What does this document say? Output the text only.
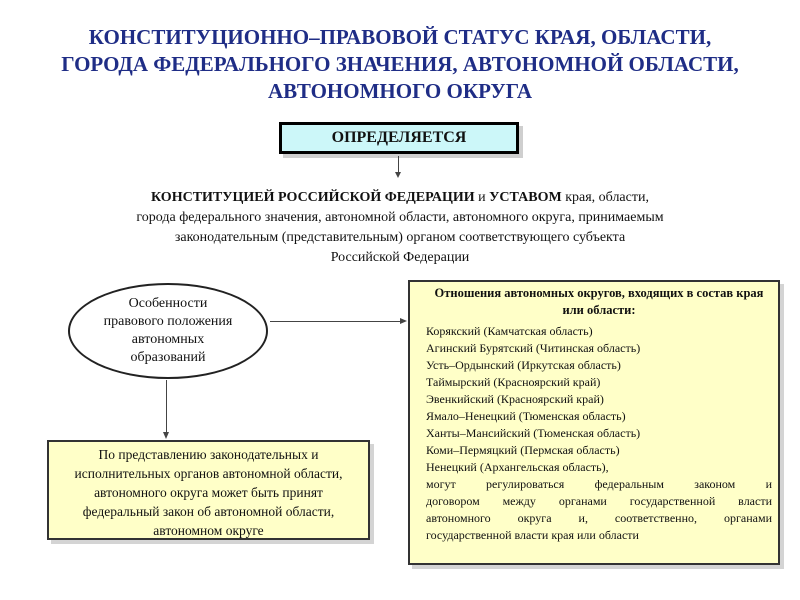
КОНСТИТУЦИОННО–ПРАВОВОЙ СТАТУС КРАЯ, ОБЛАСТИ,
ГОРОДА ФЕДЕРАЛЬНОГО ЗНАЧЕНИЯ, АВТОНОМНОЙ ОБЛАСТИ,
АВТОНОМНОГО ОКРУГА
ОПРЕДЕЛЯЕТСЯ
КОНСТИТУЦИЕЙ РОССИЙСКОЙ ФЕДЕРАЦИИ и УСТАВОМ края, области,
города федерального значения, автономной области, автономного округа, принимаемым
законодательным (представительным) органом соответствующего субъекта
Российской Федерации
Особенности
правового положения
автономных
образований
По представлению законодательных и исполнительных органов автономной области, автономного округа может быть принят федеральный закон об автономной области, автономном округе
Отношения автономных округов, входящих в состав края или области:
Корякский (Камчатская область)
Агинский Бурятский (Читинская область)
Усть–Ордынский (Иркутская область)
Таймырский (Красноярский край)
Эвенкийский (Красноярский край)
Ямало–Ненецкий (Тюменская область)
Ханты–Мансийский (Тюменская область)
Коми–Пермяцкий (Пермская область)
Ненецкий (Архангельская область),
могут регулироваться федеральным законом и
договором между органами государственной власти
автономного округа и, соответственно, органами
государственной власти края или области
